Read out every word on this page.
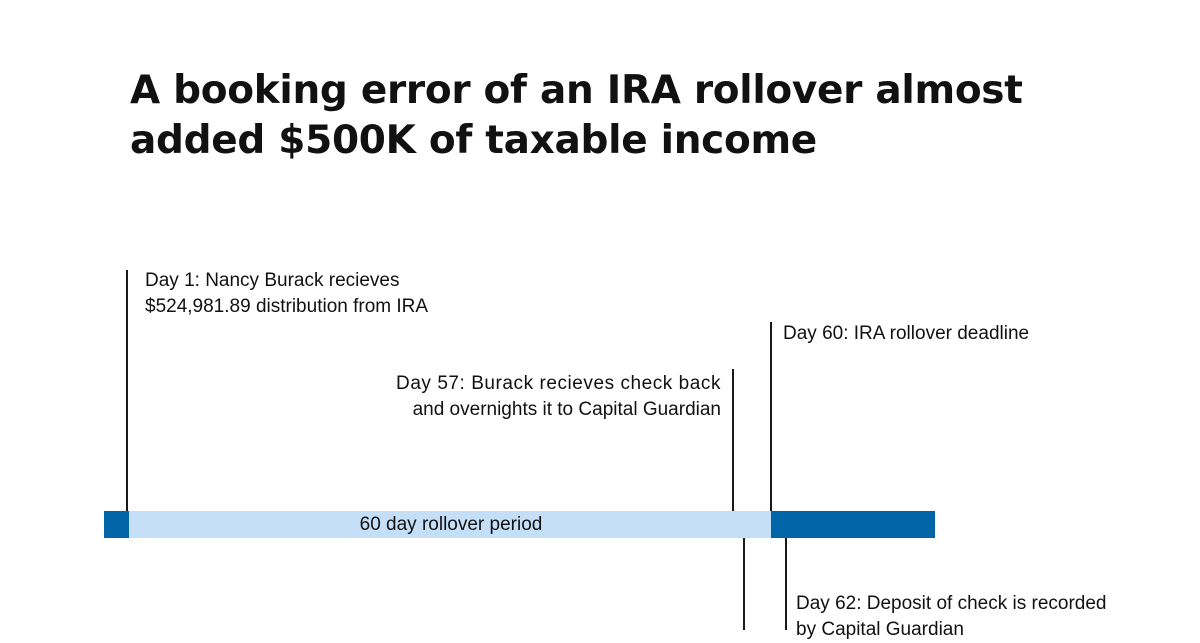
A booking error of an IRA rollover almost
added $500K of taxable income
60 day rollover period

Day 1: Nancy Burack recieves
$524,981.89 distribution from IRA

Day 60: IRA rollover deadline

Day 57: Burack recieves check back
and overnights it to Capital Guardian

Day 62: Deposit of check is recorded
by Capital Guardian
